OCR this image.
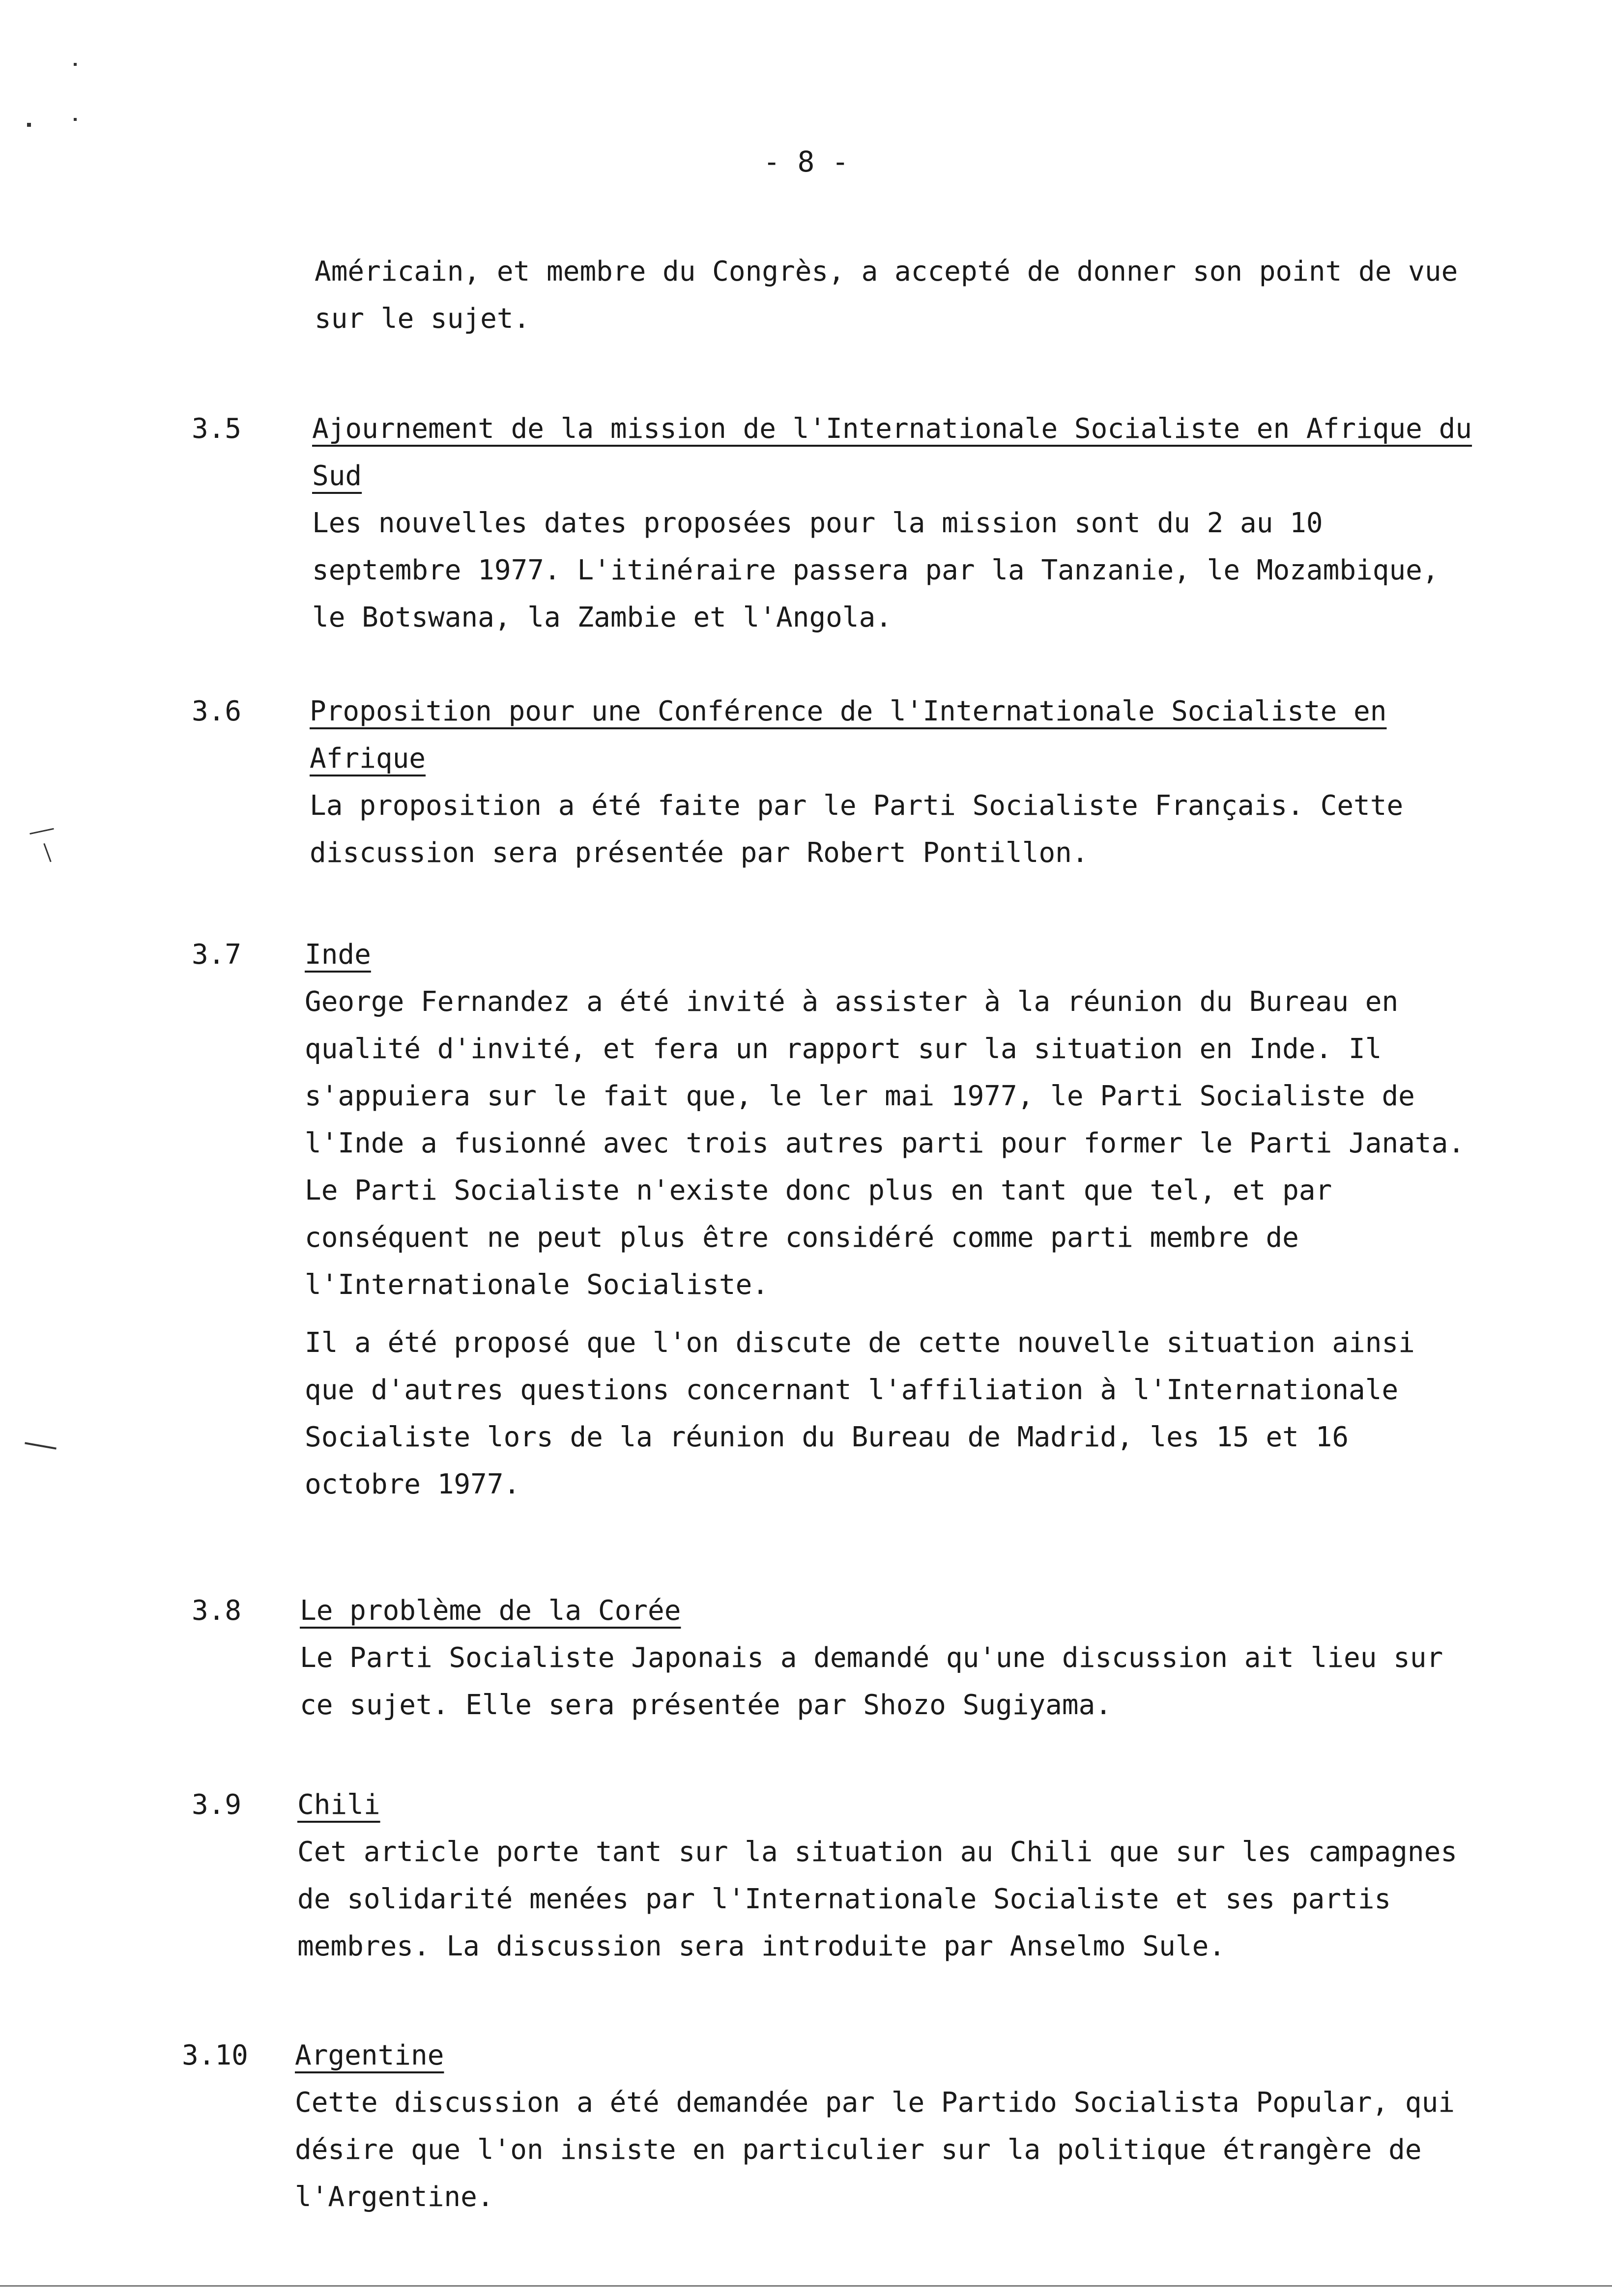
- 8 -

Américain, et membre du Congrès, a accepté de donner son point de vue sur le sujet.

3.5	Ajournement de la mission de l'Internationale Socialiste en Afrique du Sud

Les nouvelles dates proposées pour la mission sont du 2 au 10 septembre 1977. L'itinéraire passera par la Tanzanie, le Mozambique, le Botswana, la Zambie et l'Angola.

3.6 Proposition pour une Conférence de l'Internationale Socialiste en Afrique

La proposition a été faite par le Parti Socialiste Français. Cette discussion sera présentée par Robert Pontillon.

3.7 Inde

George Fernandez a été invité à assister à la réunion du Bureau en qualité d'invité, et fera un rapport sur la situation en Inde. Il s'appuiera sur le fait que, le ler mai 1977, le Parti Socialiste de l'Inde a fusionné avec trois autres parti pour former le Parti Janata. Le Parti Socialiste n'existe donc plus en tant que tel, et par conséquent ne peut plus être considéré comme parti membre de l'Internationale Socialiste.

Il a été proposé que l'on discute de cette nouvelle situation ainsi que d'autres questions concernant l'affiliation à l'Internationale Socialiste lors de la réunion du Bureau de Madrid, les 15 et 16 octobre 1977.

3.8 Le problème de la Corée

Le Parti Socialiste Japonais a demandé qu'une discussion ait lieu sur ce sujet. Elle sera présentée par Shozo Sugiyama.

3.9 Chili

Cet article porte tant sur la situation au Chili que sur les campagnes de solidarité menées par l'Internationale Socialiste et ses partis membres. La discussion sera introduite par Anselmo Sule.

3.10 Argentine

Cette discussion a été demandée par le Partido Socialista Popular, qui désire que l'on insiste en particulier sur la politique étrangère de l'Argentine.
